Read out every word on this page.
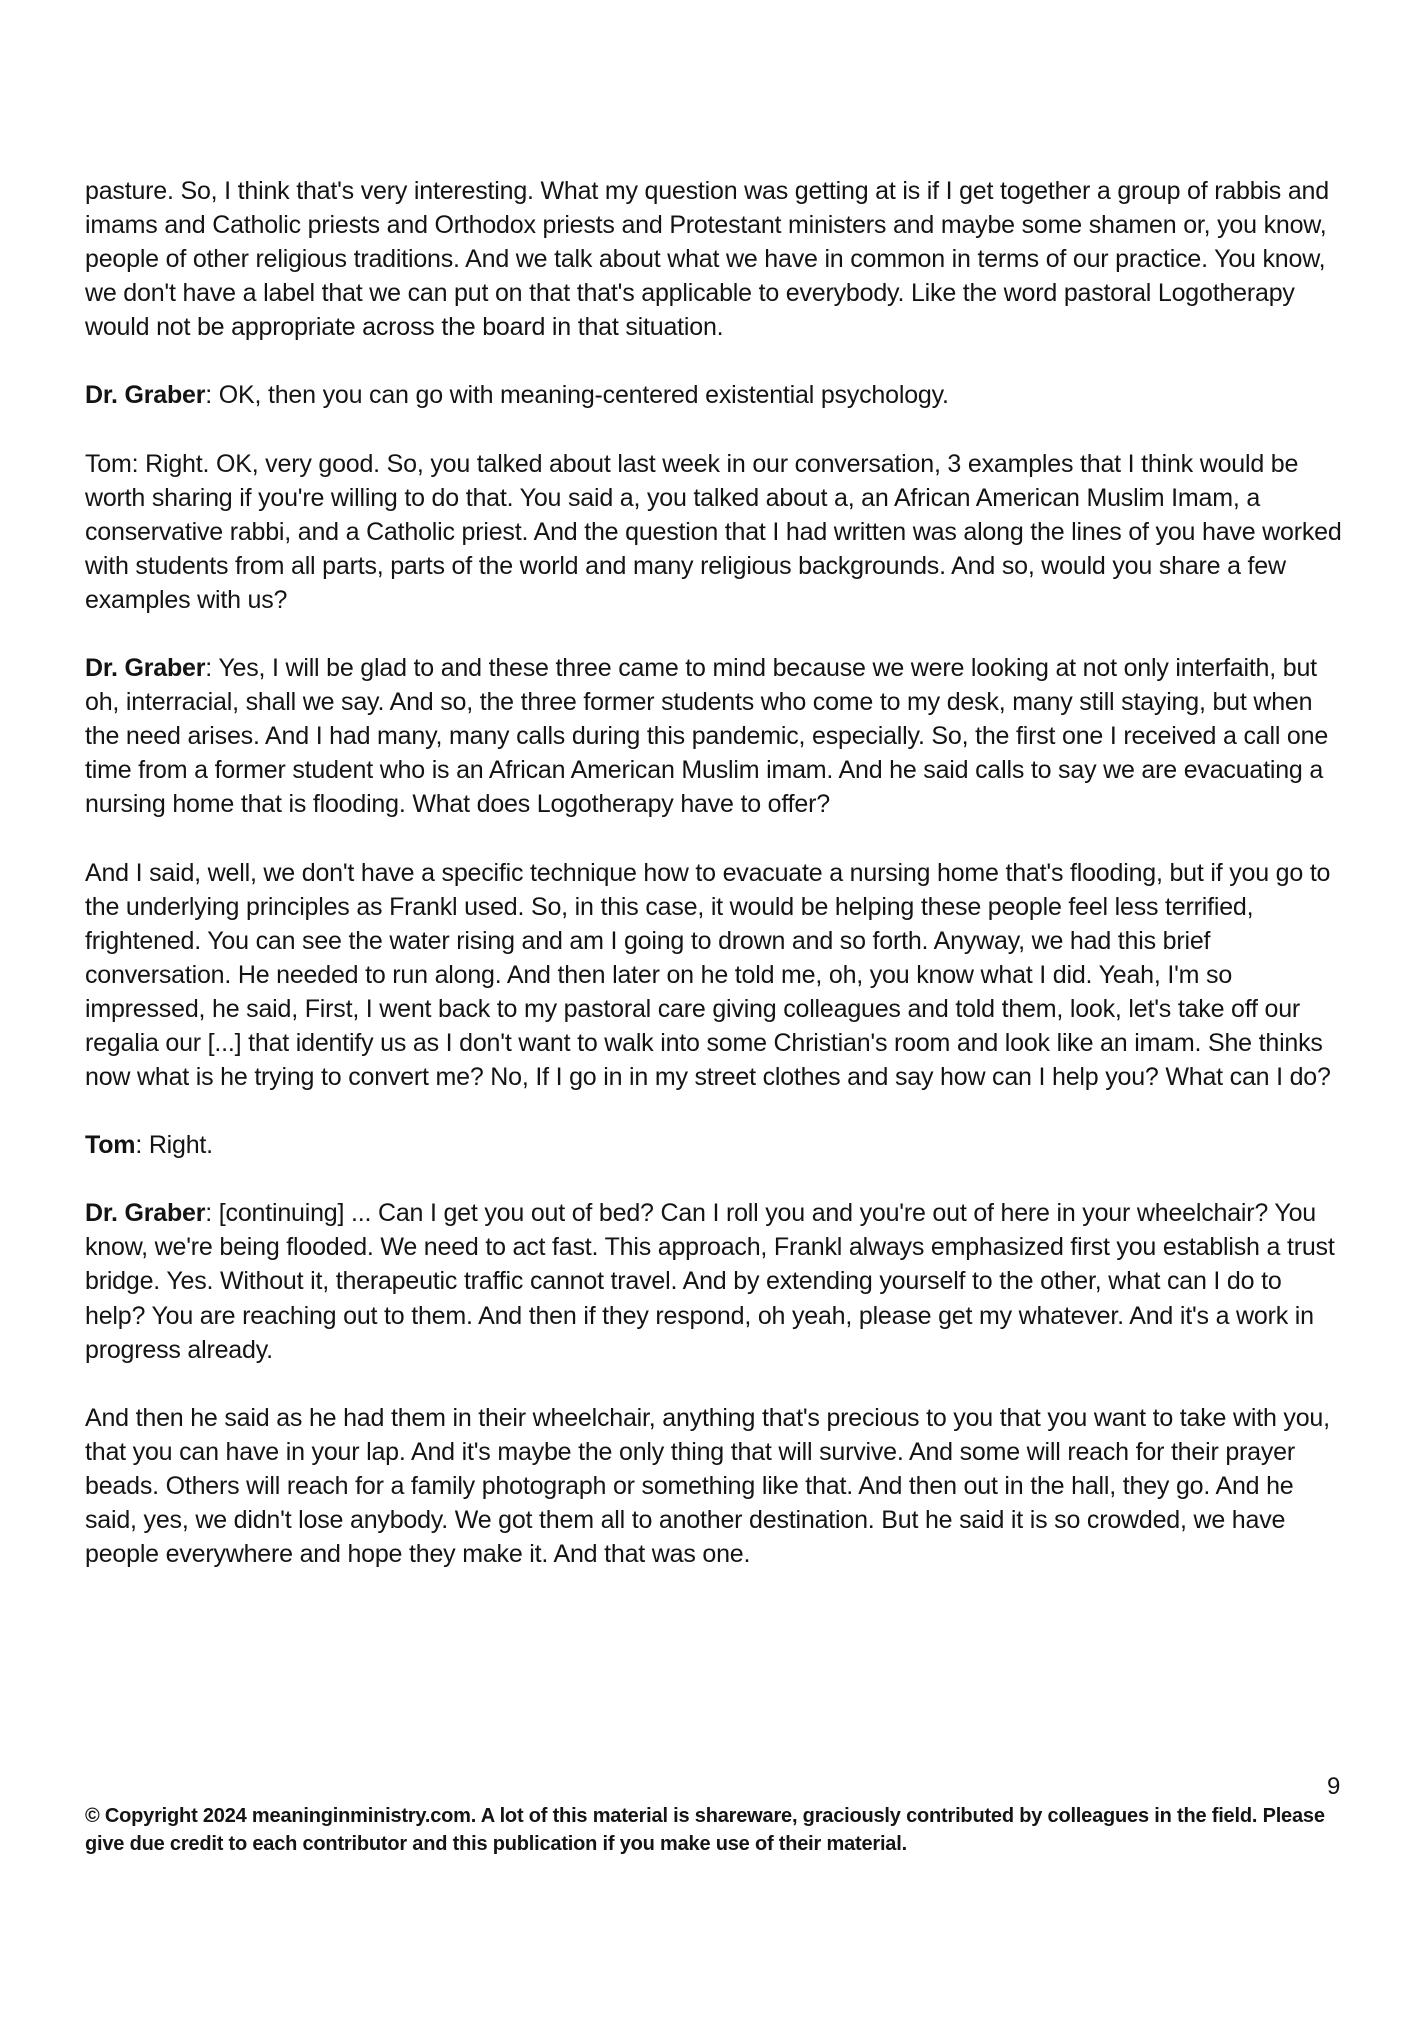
pasture. So, I think that's very interesting. What my question was getting at is if I get together a group of rabbis and imams and Catholic priests and Orthodox priests and Protestant ministers and maybe some shamen or, you know, people of other religious traditions. And we talk about what we have in common in terms of our practice. You know, we don't have a label that we can put on that that's applicable to everybody. Like the word pastoral Logotherapy would not be appropriate across the board in that situation.

Dr. Graber: OK, then you can go with meaning-centered existential psychology.

Tom: Right. OK, very good. So, you talked about last week in our conversation, 3 examples that I think would be worth sharing if you're willing to do that. You said a, you talked about a, an African American Muslim Imam, a conservative rabbi, and a Catholic priest. And the question that I had written was along the lines of you have worked with students from all parts, parts of the world and many religious backgrounds. And so, would you share a few examples with us?

Dr. Graber: Yes, I will be glad to and these three came to mind because we were looking at not only interfaith, but oh, interracial, shall we say. And so, the three former students who come to my desk, many still staying, but when the need arises. And I had many, many calls during this pandemic, especially. So, the first one I received a call one time from a former student who is an African American Muslim imam. And he said calls to say we are evacuating a nursing home that is flooding. What does Logotherapy have to offer?

And I said, well, we don't have a specific technique how to evacuate a nursing home that's flooding, but if you go to the underlying principles as Frankl used. So, in this case, it would be helping these people feel less terrified, frightened. You can see the water rising and am I going to drown and so forth. Anyway, we had this brief conversation. He needed to run along. And then later on he told me, oh, you know what I did. Yeah, I'm so impressed, he said, First, I went back to my pastoral care giving colleagues and told them, look, let's take off our regalia our [...] that identify us as I don't want to walk into some Christian's room and look like an imam. She thinks now what is he trying to convert me? No, If I go in in my street clothes and say how can I help you? What can I do?

Tom: Right.

Dr. Graber: [continuing] ... Can I get you out of bed? Can I roll you and you're out of here in your wheelchair? You know, we're being flooded. We need to act fast. This approach, Frankl always emphasized first you establish a trust bridge. Yes. Without it, therapeutic traffic cannot travel. And by extending yourself to the other, what can I do to help? You are reaching out to them. And then if they respond, oh yeah, please get my whatever. And it's a work in progress already.

And then he said as he had them in their wheelchair, anything that's precious to you that you want to take with you, that you can have in your lap. And it's maybe the only thing that will survive. And some will reach for their prayer beads. Others will reach for a family photograph or something like that. And then out in the hall, they go. And he said, yes, we didn't lose anybody. We got them all to another destination. But he said it is so crowded, we have people everywhere and hope they make it. And that was one.

9

© Copyright 2024 meaninginministry.com. A lot of this material is shareware, graciously contributed by colleagues in the field. Please give due credit to each contributor and this publication if you make use of their material.
